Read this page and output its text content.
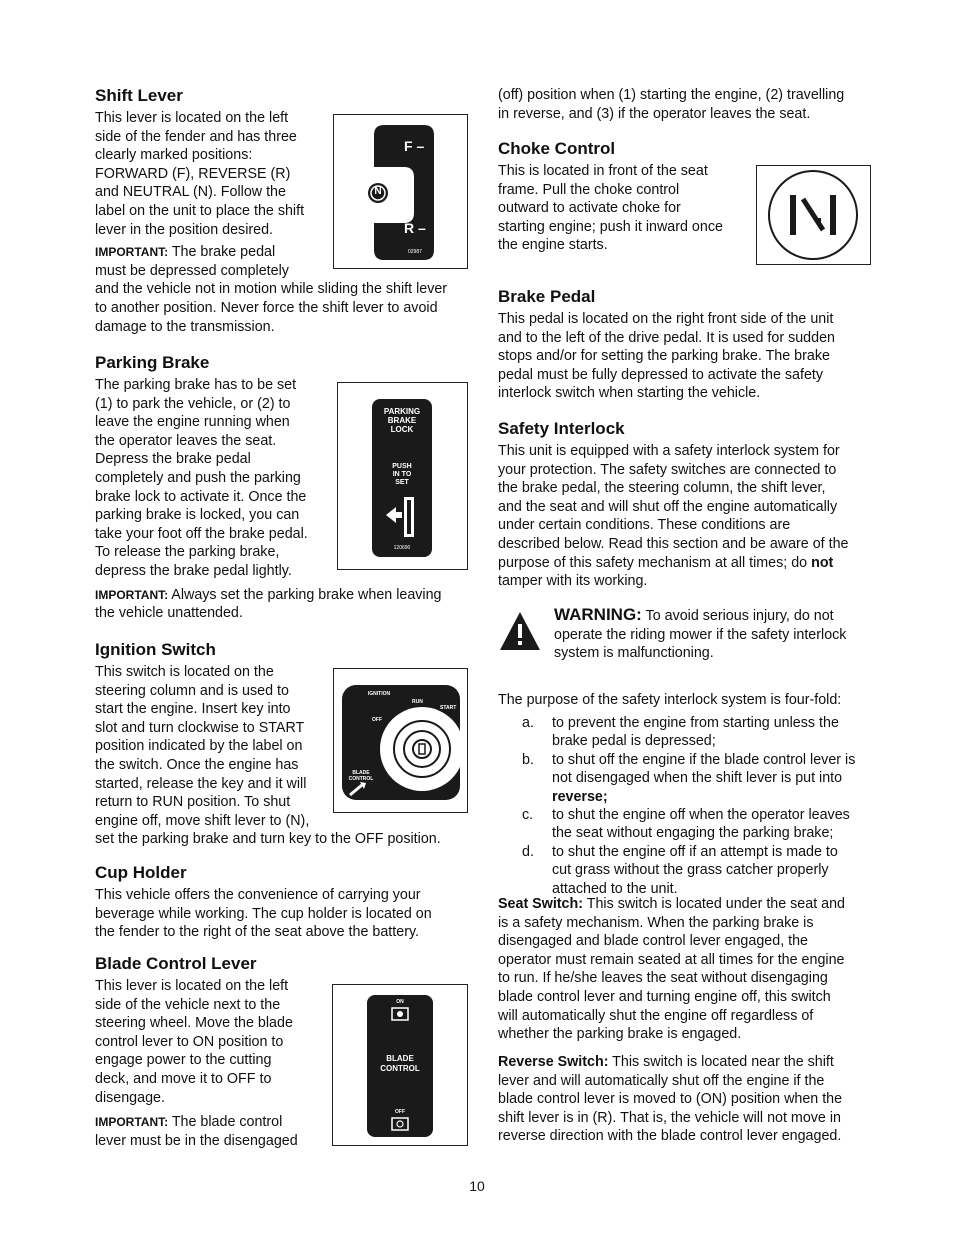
Shift Lever

This lever is located on the left

side of the fender and has three

clearly marked positions:

FORWARD (F), REVERSE (R)

and NEUTRAL (N). Follow the

label on the unit to place the shift

lever in the position desired.

IMPORTANT: The brake pedal

must be depressed completely

and the vehicle not in motion while sliding the shift lever

to another position. Never force the shift lever to avoid

damage to the transmission.

F –
N
R –
02987
Parking Brake

The parking brake has to be set

(1) to park the vehicle, or (2) to

leave the engine running when

the operator leaves the seat.

Depress the brake pedal

completely and push the parking

brake lock to activate it. Once the

parking brake is locked, you can

take your foot off the brake pedal.

To release the parking brake,

depress the brake pedal lightly.

IMPORTANT: Always set the parking brake when leaving

the vehicle unattended.

PARKING
BRAKE
LOCK
PUSH
IN TO
SET
120690
Ignition Switch

This switch is located on the

steering column and is used to

start the engine. Insert key into

slot and turn clockwise to START

position indicated by the label on

the switch. Once the engine has

started, release the key and it will

return to RUN position. To shut

engine off, move shift lever to (N),

set the parking brake and turn key to the OFF position.

IGNITION
RUN
OFF
START
BLADE
CONTROL
Cup Holder

This vehicle offers the convenience of carrying your

beverage while working. The cup holder is located on

the fender to the right of the seat above the battery.

Blade Control Lever

This lever is located on the left

side of the vehicle next to the

steering wheel. Move the blade

control lever to ON position to

engage power to the cutting

deck, and move it to OFF to

disengage.

IMPORTANT: The blade control

lever must be in the disengaged

ON
BLADE
CONTROL
OFF

(off) position when (1) starting the engine, (2) travelling

in reverse, and (3) if the operator leaves the seat.

Choke Control

This is located in front of the seat

frame. Pull the choke control

outward to activate choke for

starting engine; push it inward once

the engine starts.

Brake Pedal

This pedal is located on the right front side of the unit

and to the left of the drive pedal. It is used for sudden

stops and/or for setting the parking brake. The brake

pedal must be fully depressed to activate the safety

interlock switch when starting the vehicle.

Safety Interlock

This unit is equipped with a safety interlock system for

your protection. The safety switches are connected to

the brake pedal, the steering column, the shift lever,

and the seat and will shut off the engine automatically

under certain conditions. These conditions are

described below. Read this section and be aware of the

purpose of this safety mechanism at all times; do not

tamper with its working.

WARNING: To avoid serious injury, do not

operate the riding mower if the safety interlock

system is malfunctioning.

The purpose of the safety interlock system is four-fold:

a.	to prevent the engine from starting unless the
brake pedal is depressed;
b.	to shut off the engine if the blade control lever is
not disengaged when the shift lever is put into
reverse;
c.	to shut the engine off when the operator leaves
the seat without engaging the parking brake;
d.	to shut the engine off if an attempt is made to
cut grass without the grass catcher properly
attached to the unit.

Seat Switch: This switch is located under the seat and

is a safety mechanism. When the parking brake is

disengaged and blade control lever engaged, the

operator must remain seated at all times for the engine

to run. If he/she leaves the seat without disengaging

blade control lever and turning engine off, this switch

will automatically shut the engine off regardless of

whether the parking brake is engaged.

Reverse Switch: This switch is located near the shift

lever and will automatically shut off the engine if the

blade control lever is moved to (ON) position when the

shift lever is in (R). That is, the vehicle will not move in

reverse direction with the blade control lever engaged.

10
